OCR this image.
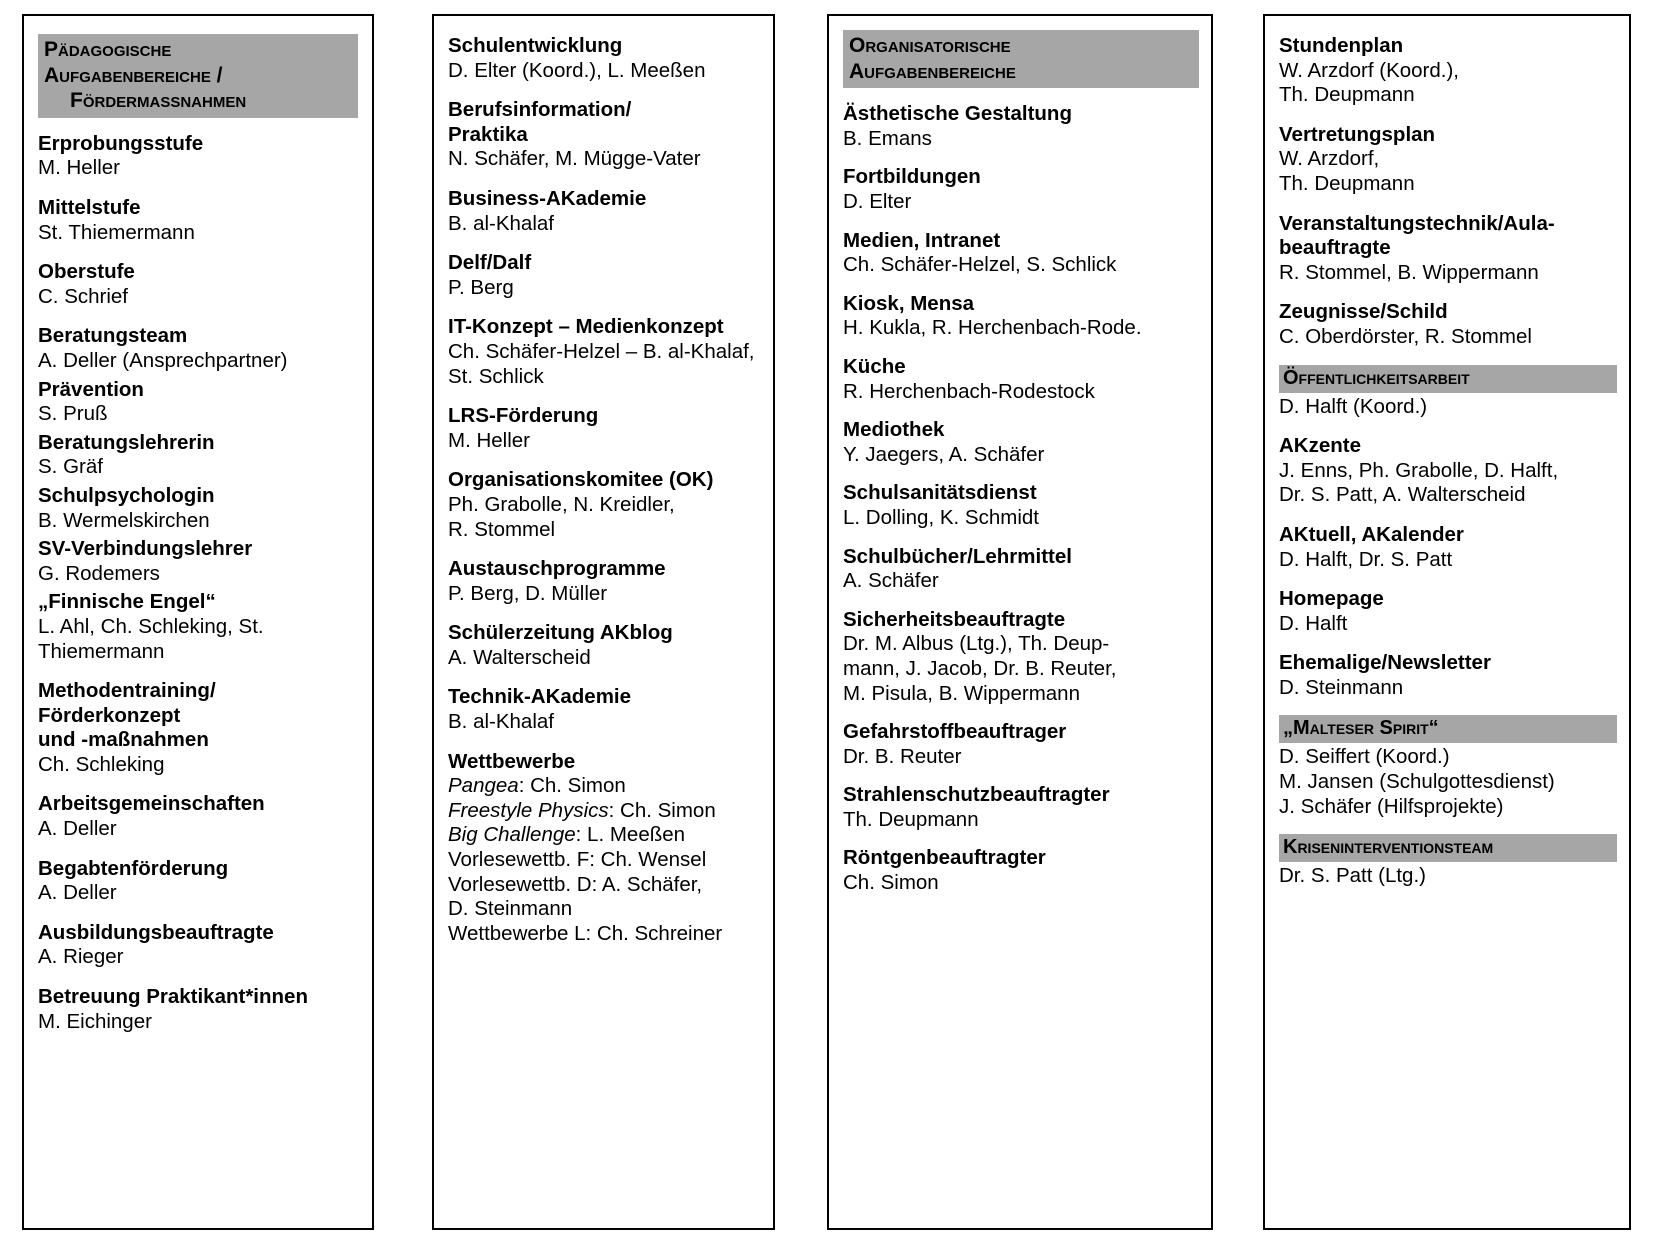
Pädagogische
Aufgabenbereiche /
Fördermaßnahmen
Erprobungsstufe
M. Heller
Mittelstufe
St. Thiemermann
Oberstufe
C. Schrief
Beratungsteam
A. Deller (Ansprechpartner)
Prävention
S. Pruß
Beratungslehrerin
S. Gräf
Schulpsychologin
B. Wermelskirchen
SV-Verbindungslehrer
G. Rodemers
„Finnische Engel“
L. Ahl, Ch. Schleking, St. Thiemermann
Methodentraining/
Förderkonzept
und -maßnahmen
Ch. Schleking
Arbeitsgemeinschaften
A. Deller
Begabtenförderung
A. Deller
Ausbildungsbeauftragte
A. Rieger
Betreuung Praktikant*innen
M. Eichinger
Schulentwicklung
D. Elter (Koord.), L. Meeßen
Berufsinformation/
Praktika
N. Schäfer, M. Mügge-Vater
Business-AKademie
B. al-Khalaf
Delf/Dalf
P. Berg
IT-Konzept – Medienkonzept
Ch. Schäfer-Helzel – B. al-Khalaf, St. Schlick
LRS-Förderung
M. Heller
Organisationskomitee (OK)
Ph. Grabolle, N. Kreidler,
R. Stommel
Austauschprogramme
P. Berg, D. Müller
Schülerzeitung AKblog
A. Walterscheid
Technik-AKademie
B. al-Khalaf
Wettbewerbe
Pangea: Ch. Simon
Freestyle Physics: Ch. Simon
Big Challenge: L. Meeßen
Vorlesewettb. F: Ch. Wensel
Vorlesewettb. D: A. Schäfer,
D. Steinmann
Wettbewerbe L: Ch. Schreiner
Organisatorische
Aufgabenbereiche
Ästhetische Gestaltung
B. Emans
Fortbildungen
D. Elter
Medien, Intranet
Ch. Schäfer-Helzel, S. Schlick
Kiosk, Mensa
H. Kukla, R. Herchenbach-Rode.
Küche
R. Herchenbach-Rodestock
Mediothek
Y. Jaegers, A. Schäfer
Schulsanitätsdienst
L. Dolling, K. Schmidt
Schulbücher/Lehrmittel
A. Schäfer
Sicherheitsbeauftragte
Dr. M. Albus (Ltg.), Th. Deup-
mann, J. Jacob, Dr. B. Reuter,
M. Pisula, B. Wippermann
Gefahrstoffbeauftrager
Dr. B. Reuter
Strahlenschutzbeauftragter
Th. Deupmann
Röntgenbeauftragter
Ch. Simon
Stundenplan
W. Arzdorf (Koord.),
Th. Deupmann
Vertretungsplan
W. Arzdorf,
Th. Deupmann
Veranstaltungstechnik/Aula-
beauftragte
R. Stommel, B. Wippermann
Zeugnisse/Schild
C. Oberdörster, R. Stommel
Öffentlichkeitsarbeit
D. Halft (Koord.)
AKzente
J. Enns, Ph. Grabolle, D. Halft,
Dr. S. Patt, A. Walterscheid
AKtuell, AKalender
D. Halft, Dr. S. Patt
Homepage
D. Halft
Ehemalige/Newsletter
D. Steinmann
„Malteser Spirit“
D. Seiffert (Koord.)
M. Jansen (Schulgottesdienst)
J. Schäfer (Hilfsprojekte)
Kriseninterventionsteam
Dr. S. Patt (Ltg.)
